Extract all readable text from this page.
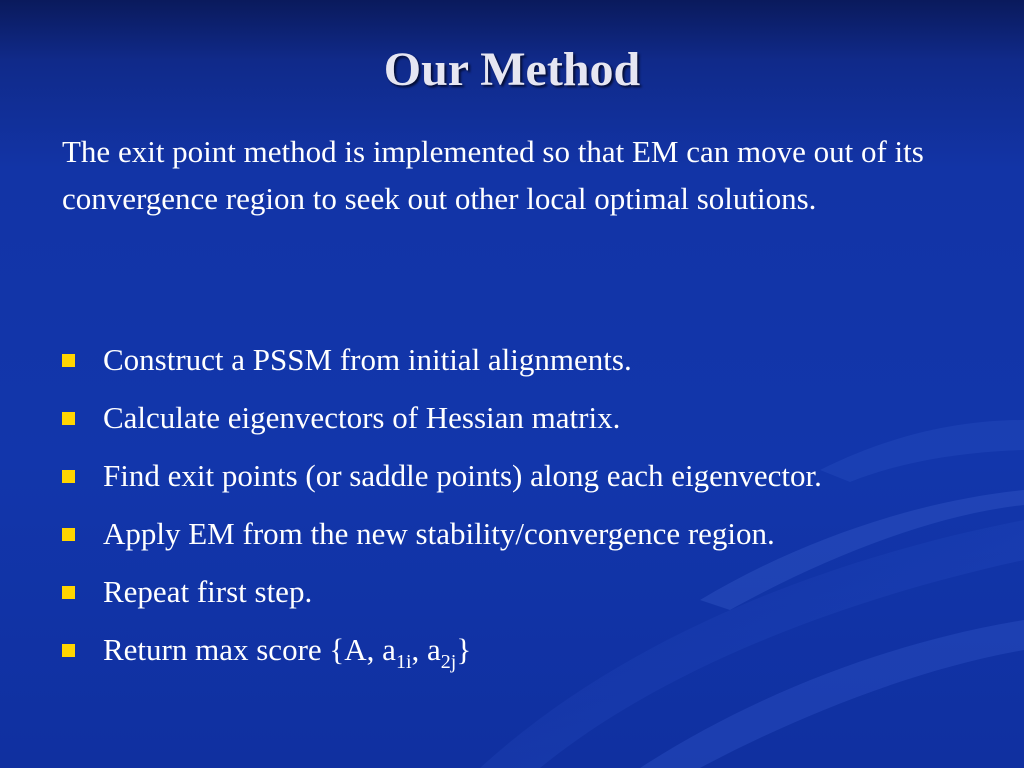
Our Method

The exit point method is implemented so that EM can move out of its convergence region to seek out other local optimal solutions.

Construct a PSSM from initial alignments.
Calculate eigenvectors of Hessian matrix.
Find exit points (or saddle points) along each eigenvector.
Apply EM from the new stability/convergence region.
Repeat first step.
Return max score {A, $a_{1i}$, $a_{2j}$}
